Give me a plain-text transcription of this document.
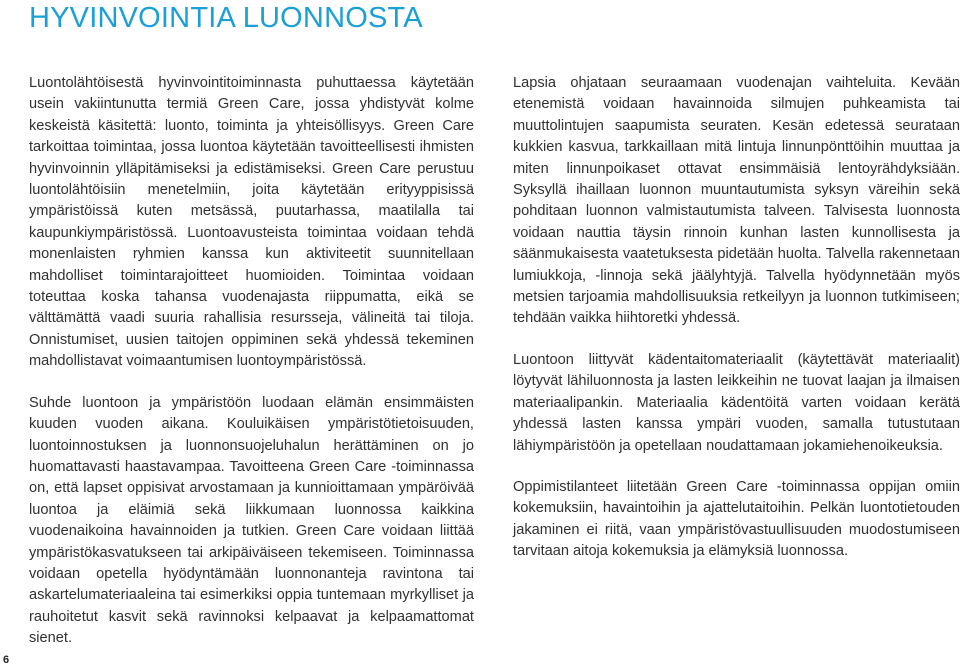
HYVINVOINTIA LUONNOSTA

Luontolähtöisestä hyvinvointitoiminnasta puhuttaessa käytetään usein vakiintunutta termiä Green Care, jossa yhdistyvät kolme keskeistä käsitettä: luonto, toiminta ja yhteisöllisyys. Green Care tarkoittaa toimintaa, jossa luontoa käytetään tavoitteellisesti ihmisten hyvinvoinnin ylläpitämiseksi ja edistämiseksi. Green Care perustuu luontolähtöisiin menetelmiin, joita käytetään erityyppisissä ympäristöissä kuten metsässä, puutarhassa, maatilalla tai kaupunkiympäristössä. Luontoavusteista toimintaa voidaan tehdä monenlaisten ryhmien kanssa kun aktiviteetit suunnitellaan mahdolliset toimintarajoitteet huomioiden. Toimintaa voidaan toteuttaa koska tahansa vuodenajasta riippumatta, eikä se välttämättä vaadi suuria rahallisia resursseja, välineitä tai tiloja. Onnistumiset, uusien taitojen oppiminen sekä yhdessä tekeminen mahdollistavat voimaantumisen luontoympäristössä.

Suhde luontoon ja ympäristöön luodaan elämän ensimmäisten kuuden vuoden aikana. Kouluikäisen ympäristötietoisuuden, luontoinnostuksen ja luonnonsuojeluhalun herättäminen on jo huomattavasti haastavampaa. Tavoitteena Green Care -toiminnassa on, että lapset oppisivat arvostamaan ja kunnioittamaan ympäröivää luontoa ja eläimiä sekä liikkumaan luonnossa kaikkina vuodenaikoina havainnoiden ja tutkien. Green Care voidaan liittää ympäristökasvatukseen tai arkipäiväiseen tekemiseen. Toiminnassa voidaan opetella hyödyntämään luonnonanteja ravintona tai askartelumateriaaleina tai esimerkiksi oppia tuntemaan myrkylliset ja rauhoitetut kasvit sekä ravinnoksi kelpaavat ja kelpaamattomat sienet.

Lapsia ohjataan seuraamaan vuodenajan vaihteluita. Kevään etenemistä voidaan havainnoida silmujen puhkeamista tai muuttolintujen saapumista seuraten. Kesän edetessä seurataan kukkien kasvua, tarkkaillaan mitä lintuja linnunpönttöihin muuttaa ja miten linnunpoikaset ottavat ensimmäisiä lentoyrähdyksiään. Syksyllä ihaillaan luonnon muuntautumista syksyn väreihin sekä pohditaan luonnon valmistautumista talveen. Talvisesta luonnosta voidaan nauttia täysin rinnoin kunhan lasten kunnollisesta ja säänmukaisesta vaatetuksesta pidetään huolta. Talvella rakennetaan lumiukkoja, -linnoja sekä jäälyhtyjä. Talvella hyödynnetään myös metsien tarjoamia mahdollisuuksia retkeilyyn ja luonnon tutkimiseen; tehdään vaikka hiihtoretki yhdessä.

Luontoon liittyvät kädentaitomateriaalit (käytettävät materiaalit) löytyvät lähiluonnosta ja lasten leikkeihin ne tuovat laajan ja ilmaisen materiaalipankin. Materiaalia kädentöitä varten voidaan kerätä yhdessä lasten kanssa ympäri vuoden, samalla tutustutaan lähiympäristöön ja opetellaan noudattamaan jokamiehenoikeuksia.

Oppimistilanteet liitetään Green Care -toiminnassa oppijan omiin kokemuksiin, havaintoihin ja ajattelutaitoihin. Pelkän luontotietouden jakaminen ei riitä, vaan ympäristövastuullisuuden muodostumiseen tarvitaan aitoja kokemuksia ja elämyksiä luonnossa.

6
